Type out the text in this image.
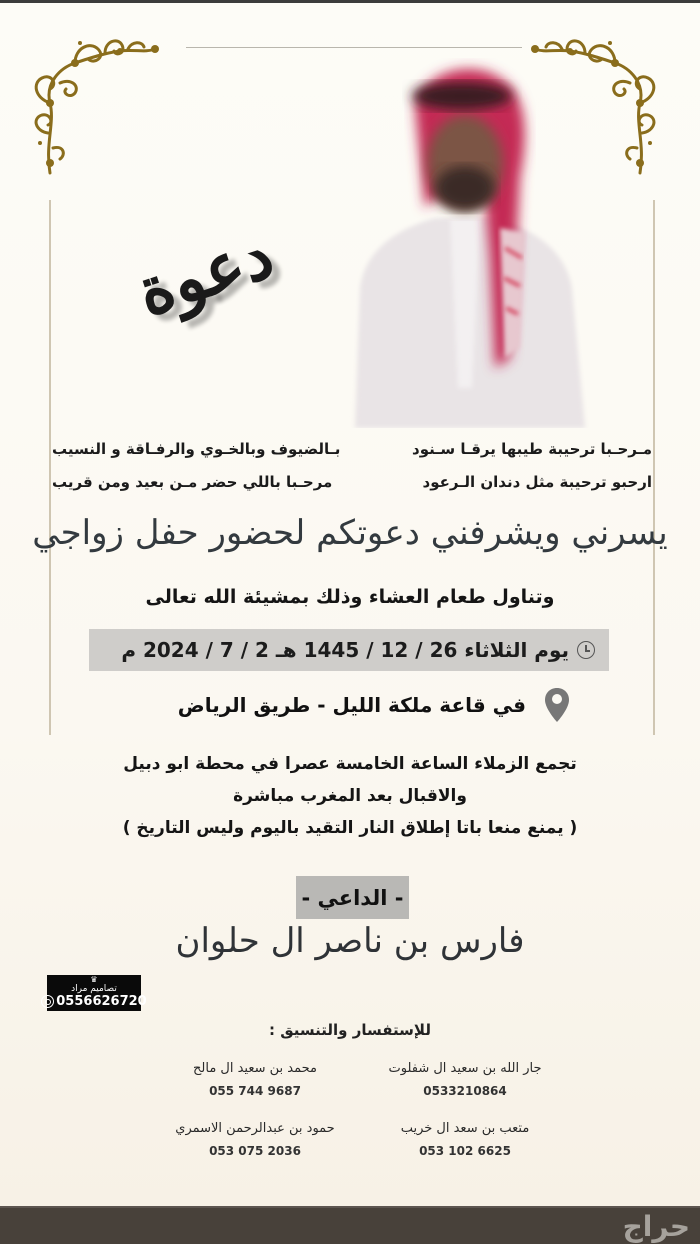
دعوة
مـرحـبا ترحيبة طيبها يرقـا سـنود
بـالضيوف وبالخـوي والرفـاقة و النسيب
ارحبو ترحيبة مثل دندان الـرعود
مرحـبا باللي حضر مـن بعيد ومن قريب
يسرني ويشرفني دعوتكم لحضور حفل زواجي
وتناول طعام العشاء وذلك بمشيئة الله تعالى
يوم الثلاثاء 26 / 12 / 1445 هـ 2 / 7 / 2024 م
في قاعة ملكة الليل - طريق الرياض
تجمع الزملاء الساعة الخامسة عصرا في محطة ابو دبيل
والاقبال بعد المغرب مباشرة
( يمنع منعا باتا إطلاق النار التقيد باليوم وليس التاريخ )
- الداعي -
فارس بن ناصر ال حلوان
♛
تصاميم مراد
0556626720
للإستفسار والتنسيق :
جار الله بن سعيد ال شفلوت
0533210864
محمد بن سعيد ال مالح
055 744 9687
متعب بن سعد ال خريب
053 102 6625
حمود بن عبدالرحمن الاسمري
053 075 2036
حراج
